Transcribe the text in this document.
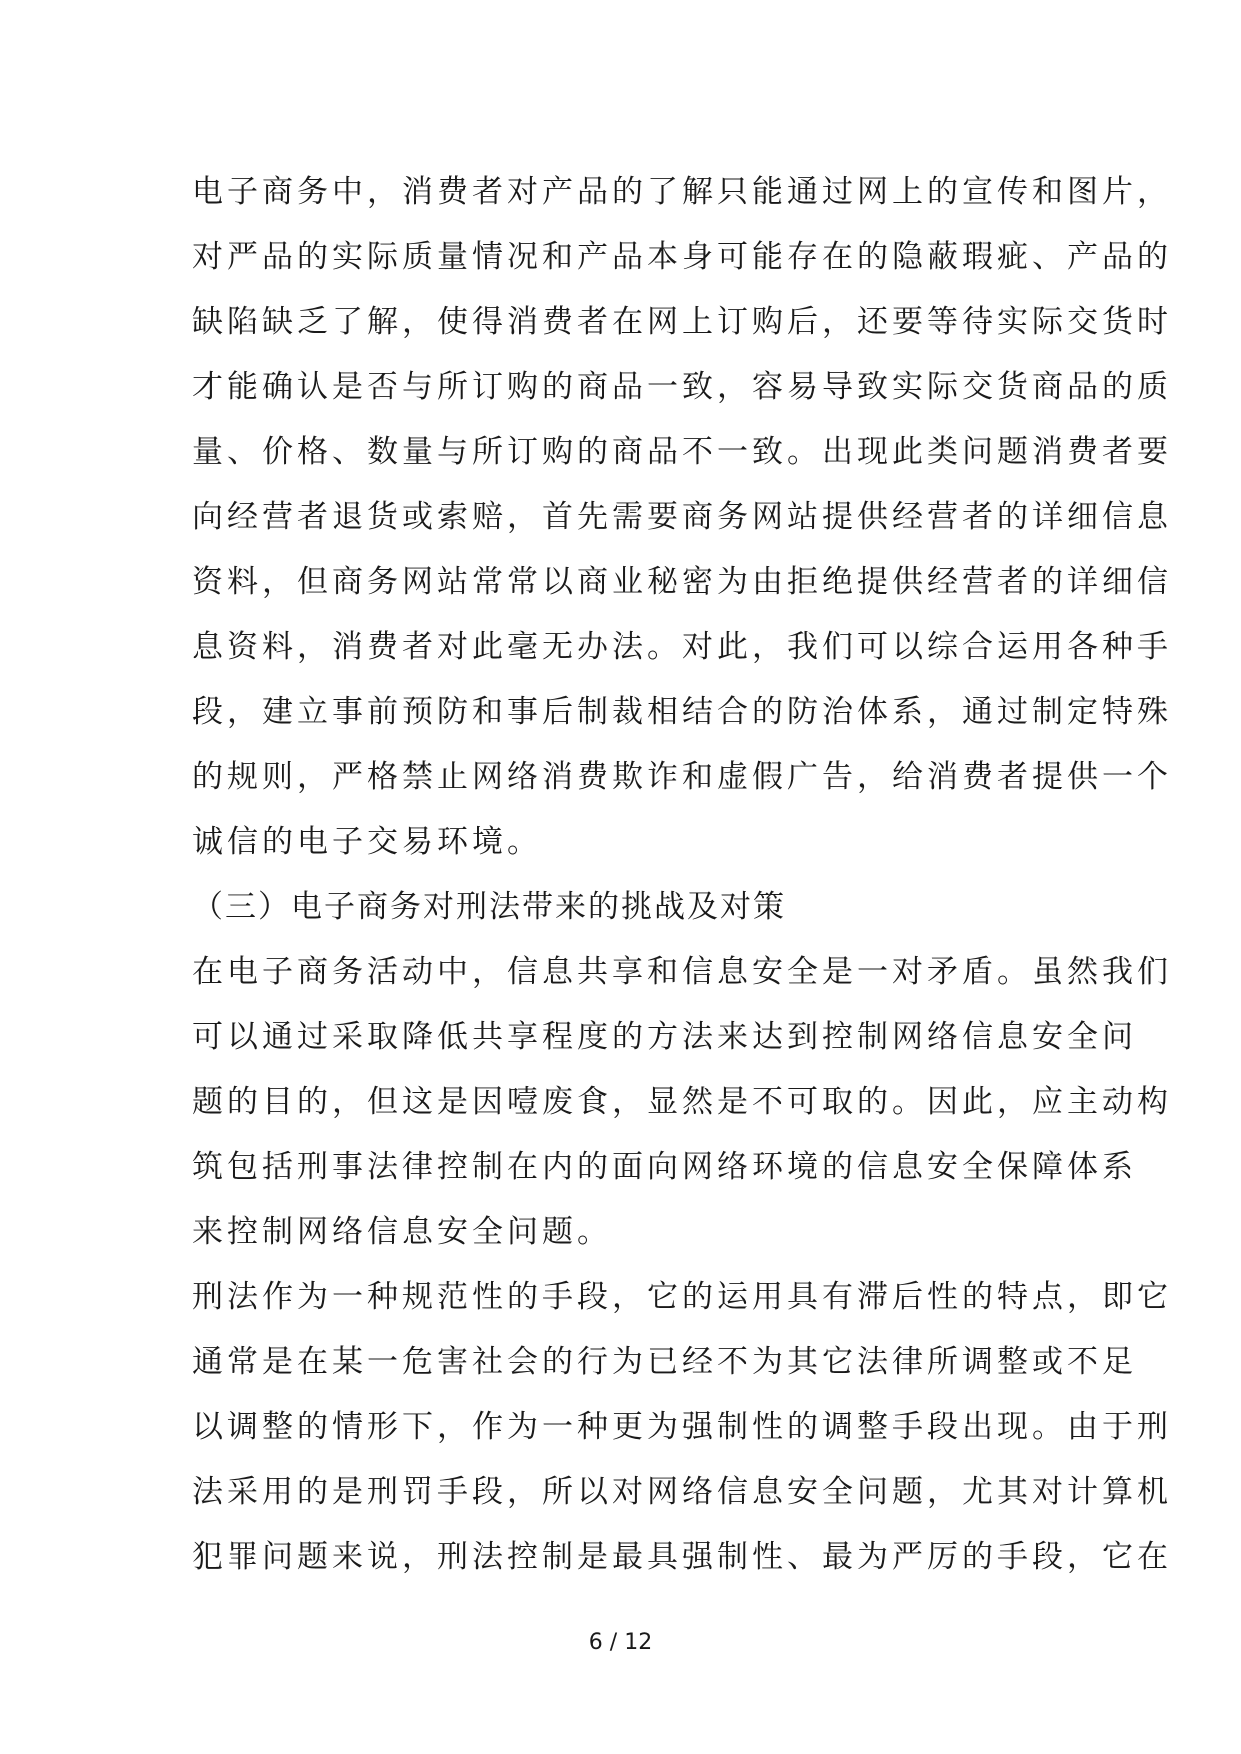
电子商务中，消费者对产品的了解只能通过网上的宣传和图片，
对严品的实际质量情况和产品本身可能存在的隐蔽瑕疵、产品的
缺陷缺乏了解，使得消费者在网上订购后，还要等待实际交货时
才能确认是否与所订购的商品一致，容易导致实际交货商品的质
量、价格、数量与所订购的商品不一致。出现此类问题消费者要
向经营者退货或索赔，首先需要商务网站提供经营者的详细信息
资料，但商务网站常常以商业秘密为由拒绝提供经营者的详细信
息资料，消费者对此毫无办法。对此，我们可以综合运用各种手
段，建立事前预防和事后制裁相结合的防治体系，通过制定特殊
的规则，严格禁止网络消费欺诈和虚假广告，给消费者提供一个
诚信的电子交易环境。
（三）电子商务对刑法带来的挑战及对策
在电子商务活动中，信息共享和信息安全是一对矛盾。虽然我们
可以通过采取降低共享程度的方法来达到控制网络信息安全问
题的目的，但这是因噎废食，显然是不可取的。因此，应主动构
筑包括刑事法律控制在内的面向网络环境的信息安全保障体系
来控制网络信息安全问题。
刑法作为一种规范性的手段，它的运用具有滞后性的特点，即它
通常是在某一危害社会的行为已经不为其它法律所调整或不足
以调整的情形下，作为一种更为强制性的调整手段出现。由于刑
法采用的是刑罚手段，所以对网络信息安全问题，尤其对计算机
犯罪问题来说，刑法控制是最具强制性、最为严厉的手段，它在
6 / 12
